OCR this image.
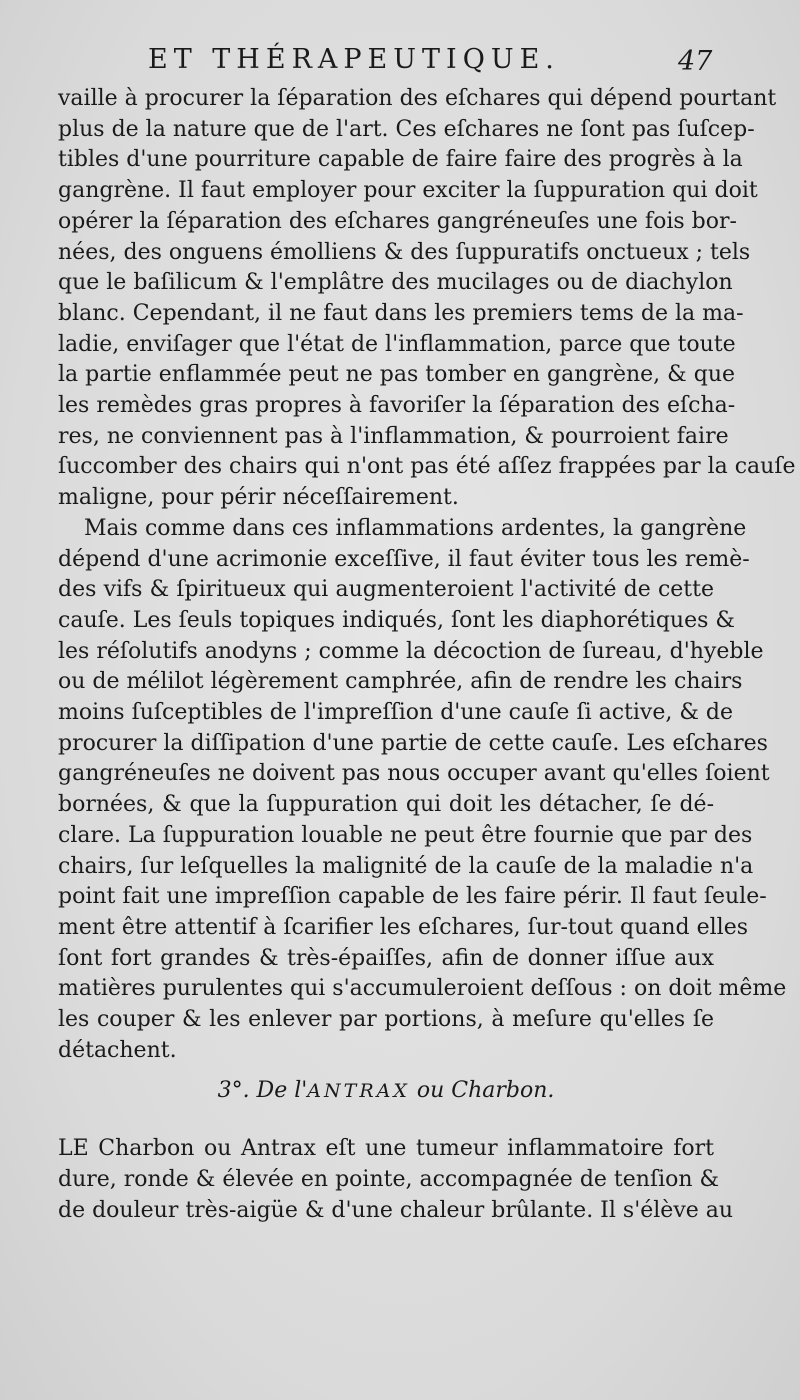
ET THÉRAPEUTIQUE.	47

vaille à procurer la ſéparation des eſchares qui dépend pourtant
plus de la nature que de l'art. Ces eſchares ne ſont pas ſuſcep-
tibles d'une pourriture capable de faire faire des progrès à la
gangrène. Il faut employer pour exciter la ſuppuration qui doit
opérer la ſéparation des eſchares gangréneuſes une fois bor-
nées, des onguens émolliens & des ſuppuratifs onctueux ; tels
que le baſilicum & l'emplâtre des mucilages ou de diachylon
blanc. Cependant, il ne faut dans les premiers tems de la ma-
ladie, enviſager que l'état de l'inflammation, parce que toute
la partie enflammée peut ne pas tomber en gangrène, & que
les remèdes gras propres à favoriſer la ſéparation des eſcha-
res, ne conviennent pas à l'inflammation, & pourroient faire
ſuccomber des chairs qui n'ont pas été aſſez frappées par la cauſe
maligne, pour périr néceſſairement.

Mais comme dans ces inflammations ardentes, la gangrène
dépend d'une acrimonie exceſſive, il faut éviter tous les remè-
des vifs & ſpiritueux qui augmenteroient l'activité de cette
cauſe. Les ſeuls topiques indiqués, ſont les diaphorétiques &
les réſolutifs anodyns ; comme la décoction de ſureau, d'hyeble
ou de mélilot légèrement camphrée, afin de rendre les chairs
moins ſuſceptibles de l'impreſſion d'une cauſe ſi active, & de
procurer la diſſipation d'une partie de cette cauſe. Les eſchares
gangréneuſes ne doivent pas nous occuper avant qu'elles ſoient
bornées, & que la ſuppuration qui doit les détacher, ſe dé-
clare. La ſuppuration louable ne peut être fournie que par des
chairs, ſur leſquelles la malignité de la cauſe de la maladie n'a
point fait une impreſſion capable de les faire périr. Il faut ſeule-
ment être attentif à ſcarifier les eſchares, ſur-tout quand elles
ſont fort grandes & très-épaiſſes, afin de donner iſſue aux
matières purulentes qui s'accumuleroient deſſous : on doit même
les couper & les enlever par portions, à meſure qu'elles ſe
détachent.

3°. De l'ANTRAX ou Charbon.

LE Charbon ou Antrax eſt une tumeur inflammatoire fort
dure, ronde & élevée en pointe, accompagnée de tenſion &
de douleur très-aigüe & d'une chaleur brûlante. Il s'élève au
